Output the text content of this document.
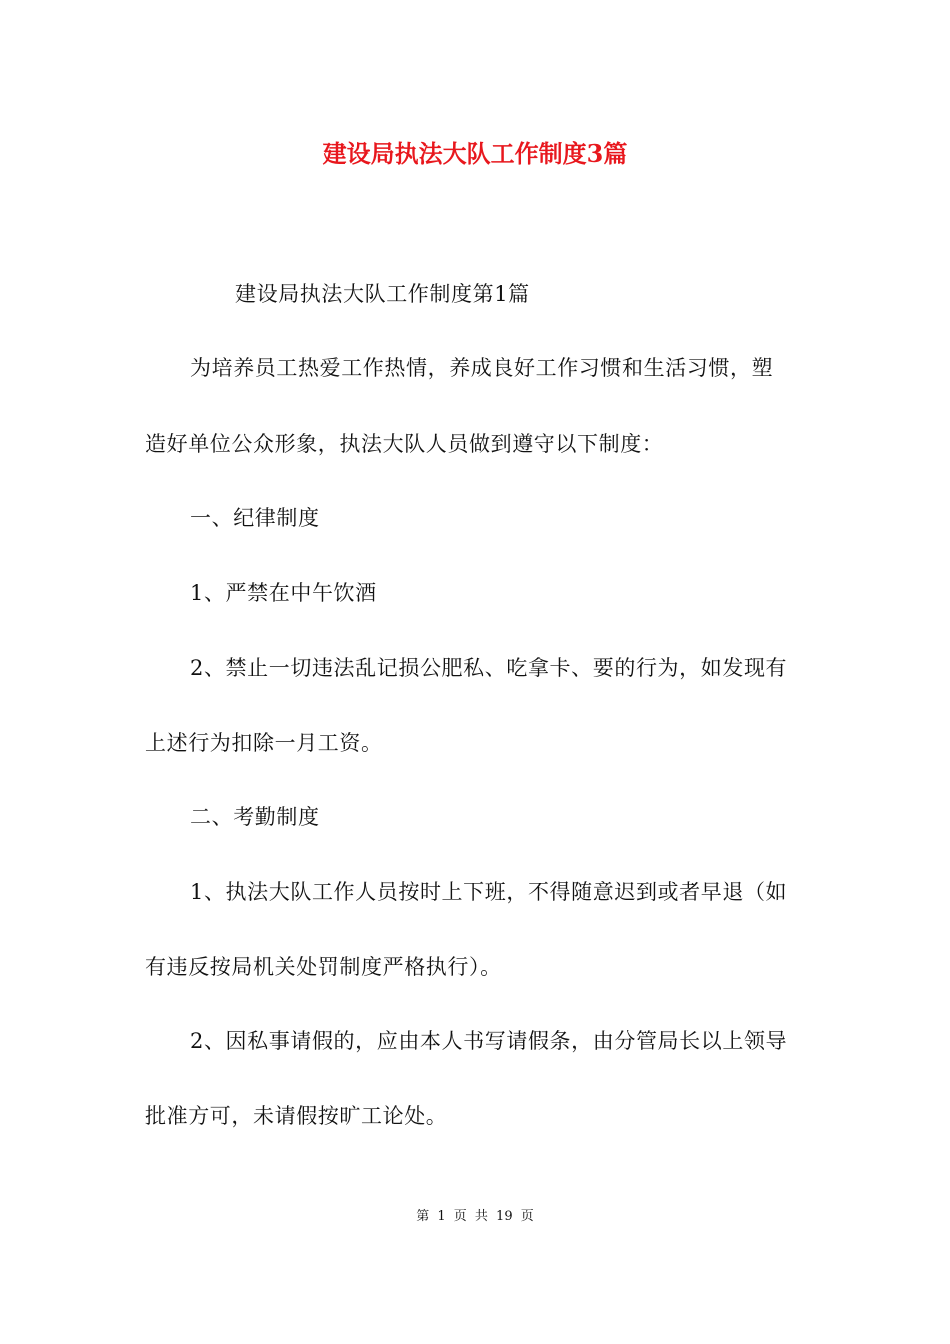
建设局执法大队工作制度3篇
建设局执法大队工作制度第1篇
为培养员工热爱工作热情，养成良好工作习惯和生活习惯，塑
造好单位公众形象，执法大队人员做到遵守以下制度：
一、纪律制度
1、严禁在中午饮酒
2、禁止一切违法乱记损公肥私、吃拿卡、要的行为，如发现有
上述行为扣除一月工资。
二、考勤制度
1、执法大队工作人员按时上下班，不得随意迟到或者早退（如
有违反按局机关处罚制度严格执行）。
2、因私事请假的，应由本人书写请假条，由分管局长以上领导
批准方可，未请假按旷工论处。
第 1 页 共 19 页
